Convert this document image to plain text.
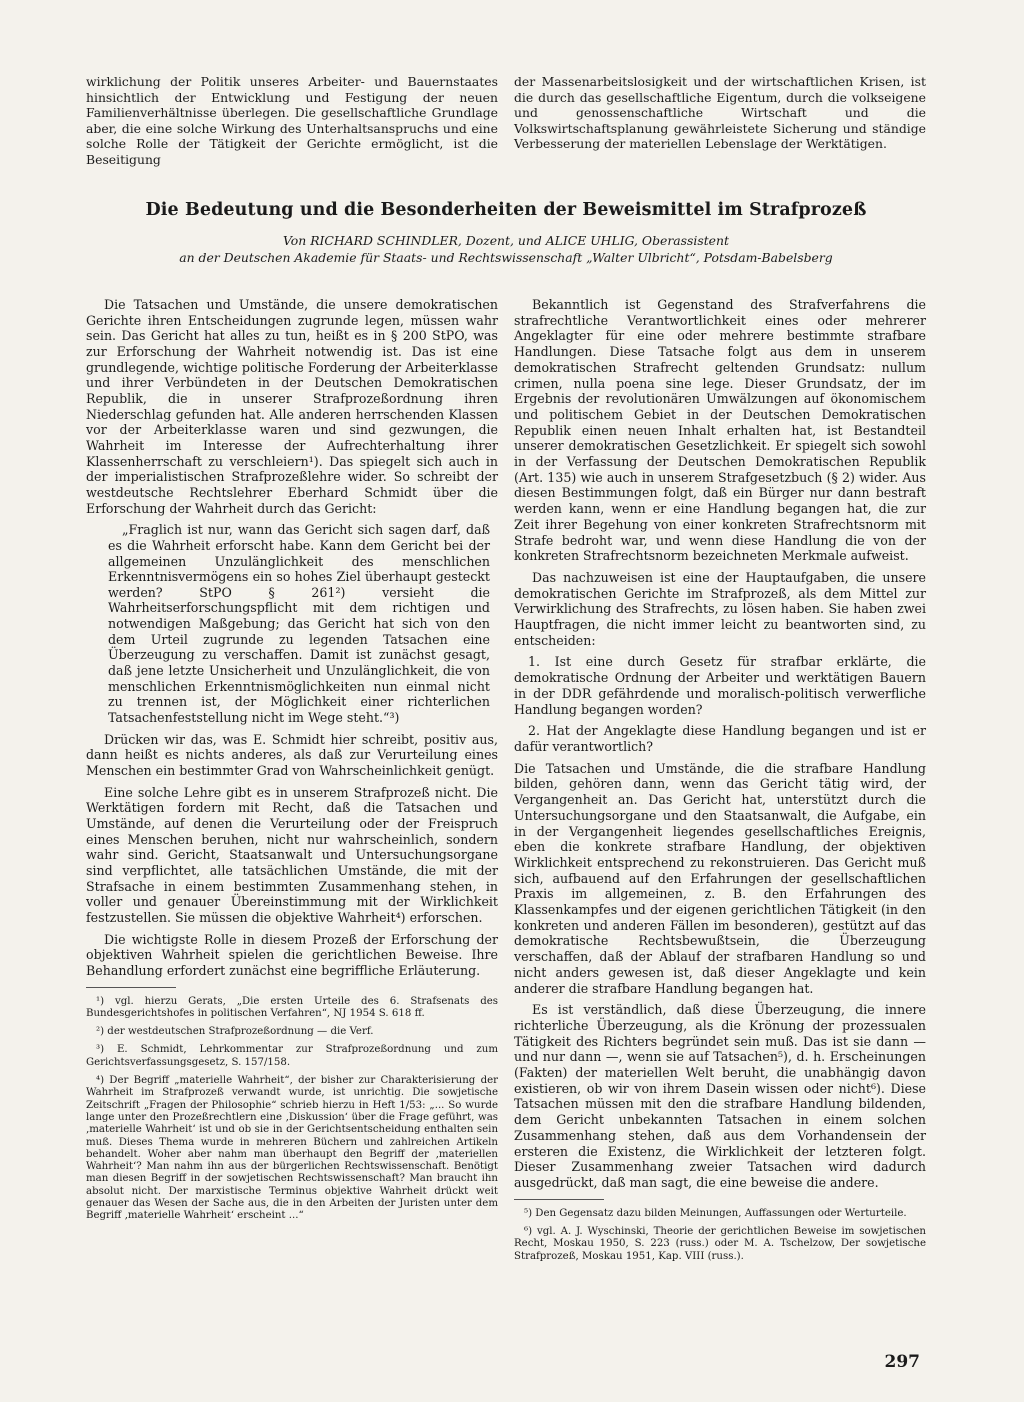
wirklichung der Politik unseres Arbeiter- und Bauernstaates hinsichtlich der Entwicklung und Festigung der neuen Familienverhältnisse überlegen. Die gesellschaftliche Grundlage aber, die eine solche Wirkung des Unterhaltsanspruchs und eine solche Rolle der Tätigkeit der Gerichte ermöglicht, ist die Beseitigung

der Massenarbeitslosigkeit und der wirtschaftlichen Krisen, ist die durch das gesellschaftliche Eigentum, durch die volkseigene und genossenschaftliche Wirtschaft und die Volkswirtschaftsplanung gewährleistete Sicherung und ständige Verbesserung der materiellen Lebenslage der Werktätigen.

Die Bedeutung und die Besonderheiten der Beweismittel im Strafprozeß
Von RICHARD SCHINDLER, Dozent, und ALICE UHLIG, Oberassistent
an der Deutschen Akademie für Staats- und Rechtswissenschaft „Walter Ulbricht“, Potsdam-Babelsberg

Die Tatsachen und Umstände, die unsere demokratischen Gerichte ihren Entscheidungen zugrunde legen, müssen wahr sein. Das Gericht hat alles zu tun, heißt es in § 200 StPO, was zur Erforschung der Wahrheit notwendig ist. Das ist eine grundlegende, wichtige politische Forderung der Arbeiterklasse und ihrer Verbündeten in der Deutschen Demokratischen Republik, die in unserer Strafprozeßordnung ihren Niederschlag gefunden hat. Alle anderen herrschenden Klassen vor der Arbeiterklasse waren und sind gezwungen, die Wahrheit im Interesse der Aufrechterhaltung ihrer Klassenherrschaft zu verschleiern¹). Das spiegelt sich auch in der imperialistischen Strafprozeßlehre wider. So schreibt der westdeutsche Rechtslehrer Eberhard Schmidt über die Erforschung der Wahrheit durch das Gericht:

„Fraglich ist nur, wann das Gericht sich sagen darf, daß es die Wahrheit erforscht habe. Kann dem Gericht bei der allgemeinen Unzulänglichkeit des menschlichen Erkenntnisvermögens ein so hohes Ziel überhaupt gesteckt werden? StPO § 261²) versieht die Wahrheitserforschungspflicht mit dem richtigen und notwendigen Maßgebung; das Gericht hat sich von den dem Urteil zugrunde zu legenden Tatsachen eine Überzeugung zu verschaffen. Damit ist zunächst gesagt, daß jene letzte Unsicherheit und Unzulänglichkeit, die von menschlichen Erkenntnismöglichkeiten nun einmal nicht zu trennen ist, der Möglichkeit einer richterlichen Tatsachenfeststellung nicht im Wege steht.“³)

Drücken wir das, was E. Schmidt hier schreibt, positiv aus, dann heißt es nichts anderes, als daß zur Verurteilung eines Menschen ein bestimmter Grad von Wahrscheinlichkeit genügt.

Eine solche Lehre gibt es in unserem Strafprozeß nicht. Die Werktätigen fordern mit Recht, daß die Tatsachen und Umstände, auf denen die Verurteilung oder der Freispruch eines Menschen beruhen, nicht nur wahrscheinlich, sondern wahr sind. Gericht, Staatsanwalt und Untersuchungsorgane sind verpflichtet, alle tatsächlichen Umstände, die mit der Strafsache in einem bestimmten Zusammenhang stehen, in voller und genauer Übereinstimmung mit der Wirklichkeit festzustellen. Sie müssen die objektive Wahrheit⁴) erforschen.

Die wichtigste Rolle in diesem Prozeß der Erforschung der objektiven Wahrheit spielen die gerichtlichen Beweise. Ihre Behandlung erfordert zunächst eine begriffliche Erläuterung.

¹) vgl. hierzu Gerats, „Die ersten Urteile des 6. Strafsenats des Bundesgerichtshofes in politischen Verfahren“, NJ 1954 S. 618 ff.

²) der westdeutschen Strafprozeßordnung — die Verf.

³) E. Schmidt, Lehrkommentar zur Strafprozeßordnung und zum Gerichtsverfassungsgesetz, S. 157/158.

⁴) Der Begriff „materielle Wahrheit“, der bisher zur Charakterisierung der Wahrheit im Strafprozeß verwandt wurde, ist unrichtig. Die sowjetische Zeitschrift „Fragen der Philosophie“ schrieb hierzu in Heft 1/53: „... So wurde lange unter den Prozeßrechtlern eine ‚Diskussion‘ über die Frage geführt, was ‚materielle Wahrheit‘ ist und ob sie in der Gerichtsentscheidung enthalten sein muß. Dieses Thema wurde in mehreren Büchern und zahlreichen Artikeln behandelt. Woher aber nahm man überhaupt den Begriff der ‚materiellen Wahrheit‘? Man nahm ihn aus der bürgerlichen Rechtswissenschaft. Benötigt man diesen Begriff in der sowjetischen Rechtswissenschaft? Man braucht ihn absolut nicht. Der marxistische Terminus objektive Wahrheit drückt weit genauer das Wesen der Sache aus, die in den Arbeiten der Juristen unter dem Begriff ‚materielle Wahrheit‘ erscheint ...“

Bekanntlich ist Gegenstand des Strafverfahrens die strafrechtliche Verantwortlichkeit eines oder mehrerer Angeklagter für eine oder mehrere bestimmte strafbare Handlungen. Diese Tatsache folgt aus dem in unserem demokratischen Strafrecht geltenden Grundsatz: nullum crimen, nulla poena sine lege. Dieser Grundsatz, der im Ergebnis der revolutionären Umwälzungen auf ökonomischem und politischem Gebiet in der Deutschen Demokratischen Republik einen neuen Inhalt erhalten hat, ist Bestandteil unserer demokratischen Gesetzlichkeit. Er spiegelt sich sowohl in der Verfassung der Deutschen Demokratischen Republik (Art. 135) wie auch in unserem Strafgesetzbuch (§ 2) wider. Aus diesen Bestimmungen folgt, daß ein Bürger nur dann bestraft werden kann, wenn er eine Handlung begangen hat, die zur Zeit ihrer Begehung von einer konkreten Strafrechtsnorm mit Strafe bedroht war, und wenn diese Handlung die von der konkreten Strafrechtsnorm bezeichneten Merkmale aufweist.

Das nachzuweisen ist eine der Hauptaufgaben, die unsere demokratischen Gerichte im Strafprozeß, als dem Mittel zur Verwirklichung des Strafrechts, zu lösen haben. Sie haben zwei Hauptfragen, die nicht immer leicht zu beantworten sind, zu entscheiden:

1. Ist eine durch Gesetz für strafbar erklärte, die demokratische Ordnung der Arbeiter und werktätigen Bauern in der DDR gefährdende und moralisch-politisch verwerfliche Handlung begangen worden?

2. Hat der Angeklagte diese Handlung begangen und ist er dafür verantwortlich?

Die Tatsachen und Umstände, die die strafbare Handlung bilden, gehören dann, wenn das Gericht tätig wird, der Vergangenheit an. Das Gericht hat, unterstützt durch die Untersuchungsorgane und den Staatsanwalt, die Aufgabe, ein in der Vergangenheit liegendes gesellschaftliches Ereignis, eben die konkrete strafbare Handlung, der objektiven Wirklichkeit entsprechend zu rekonstruieren. Das Gericht muß sich, aufbauend auf den Erfahrungen der gesellschaftlichen Praxis im allgemeinen, z. B. den Erfahrungen des Klassenkampfes und der eigenen gerichtlichen Tätigkeit (in den konkreten und anderen Fällen im besonderen), gestützt auf das demokratische Rechtsbewußtsein, die Überzeugung verschaffen, daß der Ablauf der strafbaren Handlung so und nicht anders gewesen ist, daß dieser Angeklagte und kein anderer die strafbare Handlung begangen hat.

Es ist verständlich, daß diese Überzeugung, die innere richterliche Überzeugung, als die Krönung der prozessualen Tätigkeit des Richters begründet sein muß. Das ist sie dann — und nur dann —, wenn sie auf Tatsachen⁵), d. h. Erscheinungen (Fakten) der materiellen Welt beruht, die unabhängig davon existieren, ob wir von ihrem Dasein wissen oder nicht⁶). Diese Tatsachen müssen mit den die strafbare Handlung bildenden, dem Gericht unbekannten Tatsachen in einem solchen Zusammenhang stehen, daß aus dem Vorhandensein der ersteren die Existenz, die Wirklichkeit der letzteren folgt. Dieser Zusammenhang zweier Tatsachen wird dadurch ausgedrückt, daß man sagt, die eine beweise die andere.

⁵) Den Gegensatz dazu bilden Meinungen, Auffassungen oder Werturteile.

⁶) vgl. A. J. Wyschinski, Theorie der gerichtlichen Beweise im sowjetischen Recht, Moskau 1950, S. 223 (russ.) oder M. A. Tschelzow, Der sowjetische Strafprozeß, Moskau 1951, Kap. VIII (russ.).

297
